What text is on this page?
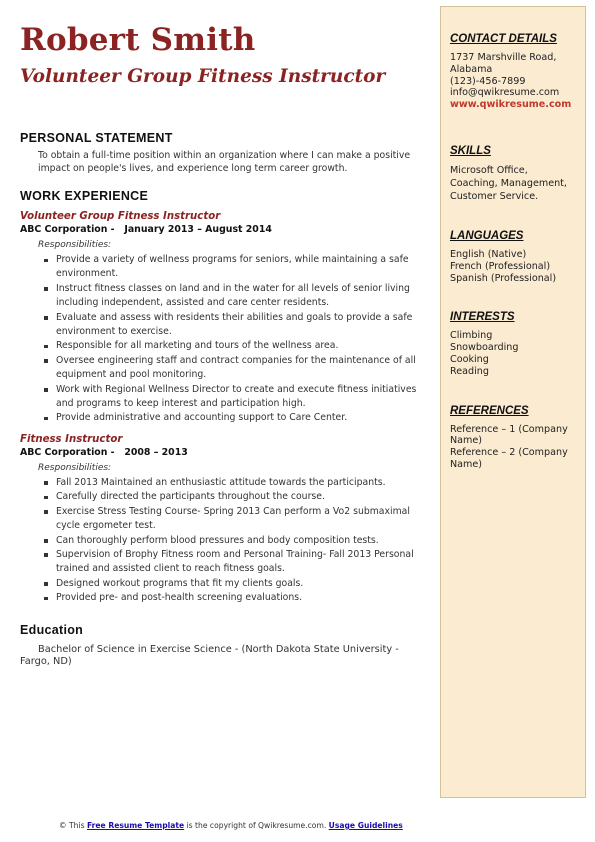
Robert Smith
Volunteer Group Fitness Instructor
PERSONAL STATEMENT
To obtain a full-time position within an organization where I can make a positive impact on people's lives, and experience long term career growth.
WORK EXPERIENCE
Volunteer Group Fitness Instructor
ABC Corporation -   January 2013 – August 2014
Responsibilities:
Provide a variety of wellness programs for seniors, while maintaining a safe environment.
Instruct fitness classes on land and in the water for all levels of senior living including independent, assisted and care center residents.
Evaluate and assess with residents their abilities and goals to provide a safe environment to exercise.
Responsible for all marketing and tours of the wellness area.
Oversee engineering staff and contract companies for the maintenance of all equipment and pool monitoring.
Work with Regional Wellness Director to create and execute fitness initiatives and programs to keep interest and participation high.
Provide administrative and accounting support to Care Center.
Fitness Instructor
ABC Corporation -   2008 – 2013
Responsibilities:
Fall 2013 Maintained an enthusiastic attitude towards the participants.
Carefully directed the participants throughout the course.
Exercise Stress Testing Course- Spring 2013 Can perform a Vo2 submaximal cycle ergometer test.
Can thoroughly perform blood pressures and body composition tests.
Supervision of Brophy Fitness room and Personal Training- Fall 2013 Personal trained and assisted client to reach fitness goals.
Designed workout programs that fit my clients goals.
Provided pre- and post-health screening evaluations.
Education
Bachelor of Science in Exercise Science - (North Dakota State University - Fargo, ND)
CONTACT DETAILS
1737 Marshville Road,
Alabama
(123)-456-7899
info@qwikresume.com
www.qwikresume.com
SKILLS
Microsoft Office, Coaching, Management, Customer Service.
LANGUAGES
English (Native)
French (Professional)
Spanish (Professional)
INTERESTS
Climbing
Snowboarding
Cooking
Reading
REFERENCES
Reference – 1 (Company Name)
Reference – 2 (Company Name)
© This Free Resume Template is the copyright of Qwikresume.com. Usage Guidelines
